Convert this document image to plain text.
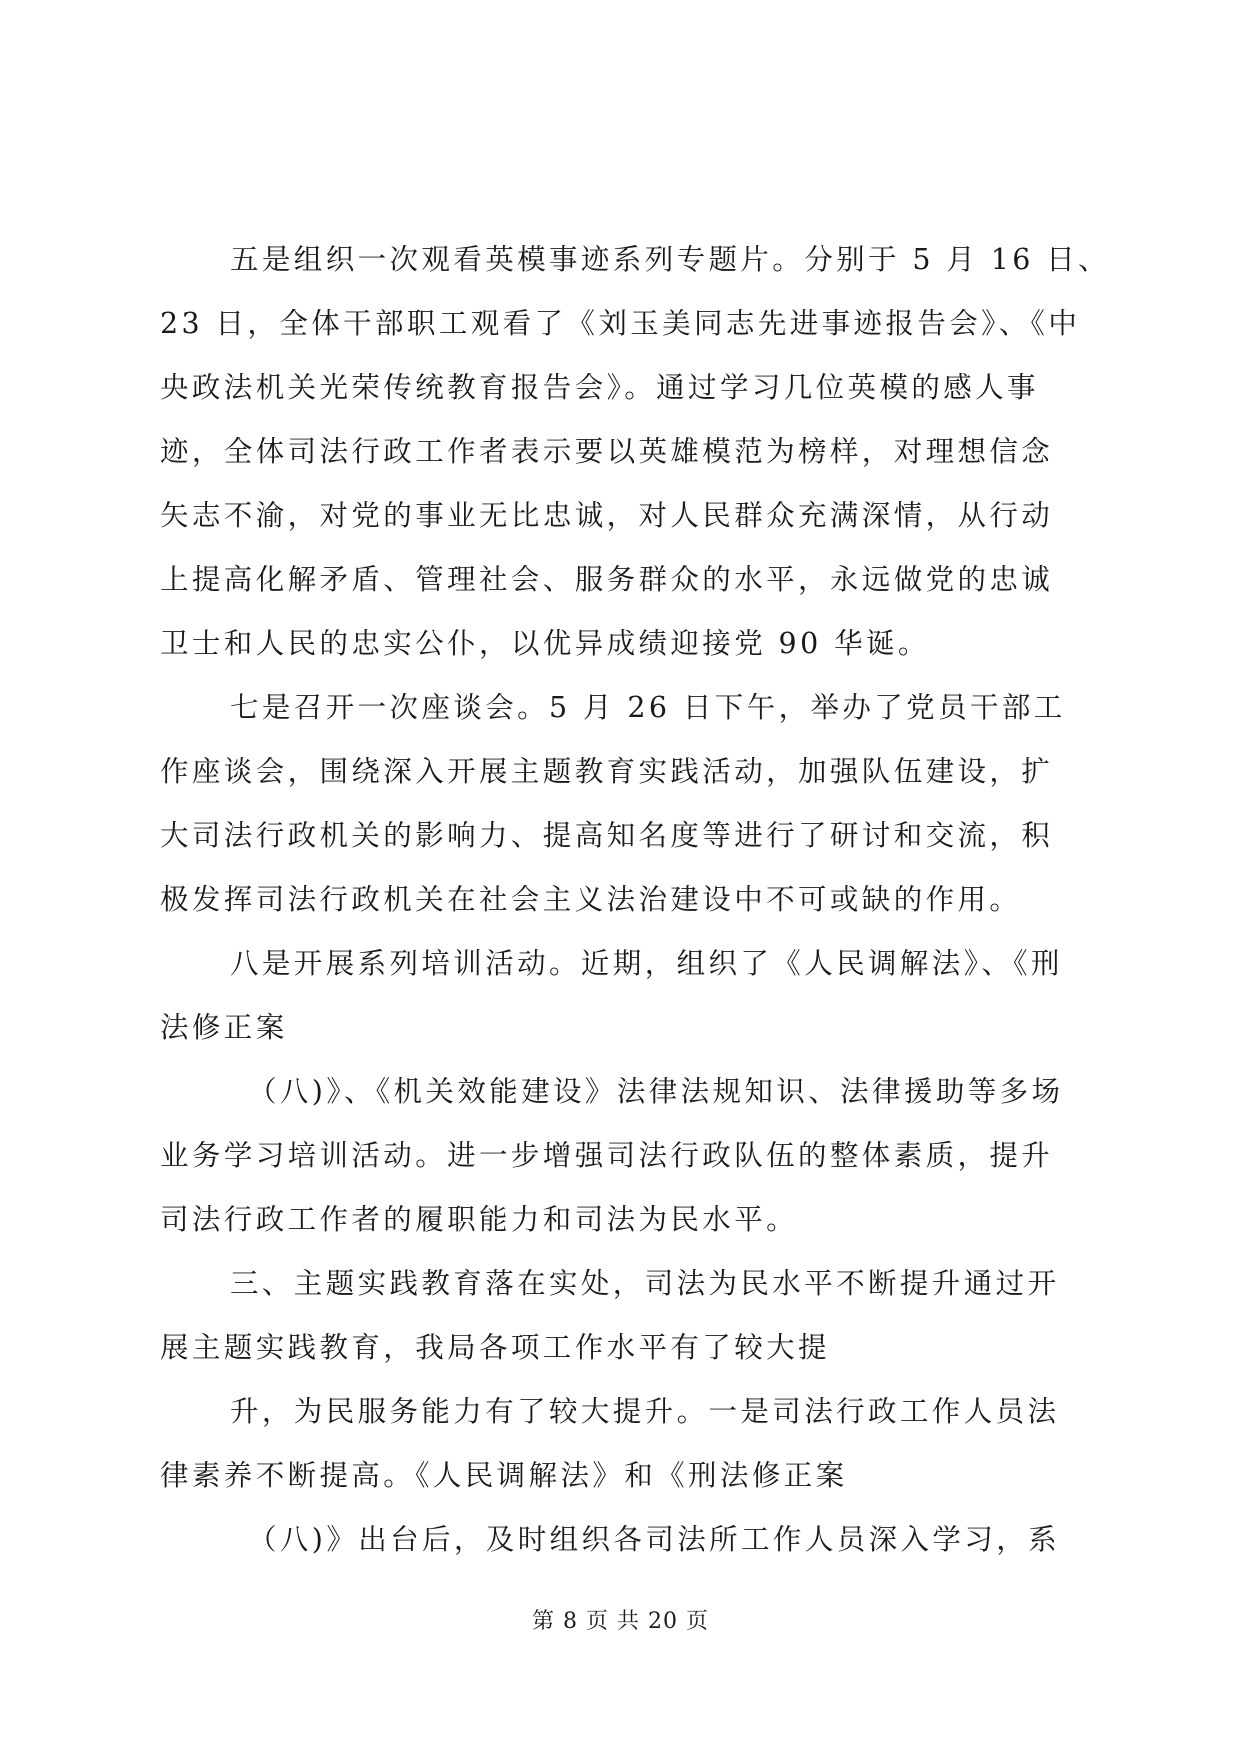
五是组织一次观看英模事迹系列专题片。分别于 5 月 16 日、
23 日，全体干部职工观看了《刘玉美同志先进事迹报告会》、《中
央政法机关光荣传统教育报告会》。通过学习几位英模的感人事
迹，全体司法行政工作者表示要以英雄模范为榜样，对理想信念
矢志不渝，对党的事业无比忠诚，对人民群众充满深情，从行动
上提高化解矛盾、管理社会、服务群众的水平，永远做党的忠诚
卫士和人民的忠实公仆，以优异成绩迎接党 90 华诞。
七是召开一次座谈会。5 月 26 日下午，举办了党员干部工
作座谈会，围绕深入开展主题教育实践活动，加强队伍建设，扩
大司法行政机关的影响力、提高知名度等进行了研讨和交流，积
极发挥司法行政机关在社会主义法治建设中不可或缺的作用。
八是开展系列培训活动。近期，组织了《人民调解法》、《刑
法修正案
（八)》、《机关效能建设》法律法规知识、法律援助等多场
业务学习培训活动。进一步增强司法行政队伍的整体素质，提升
司法行政工作者的履职能力和司法为民水平。
三、主题实践教育落在实处，司法为民水平不断提升通过开
展主题实践教育，我局各项工作水平有了较大提
升，为民服务能力有了较大提升。一是司法行政工作人员法
律素养不断提高。《人民调解法》和《刑法修正案
（八)》出台后，及时组织各司法所工作人员深入学习，系
第 8 页 共 20 页
